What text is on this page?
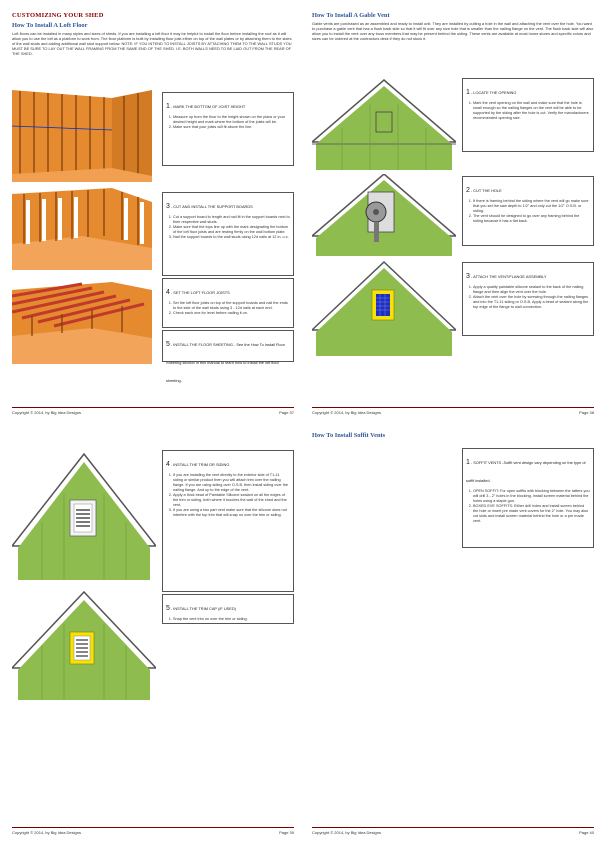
CUSTOMIZING YOUR SHED
How To Install A Loft Floor
Loft floors can be installed in many styles and sizes of sheds. If you are installing a loft floor it may be helpful to install the floor before installing the roof as it will allow you to use the loft as a platform to work from. The floor platform is built by installing floor joist either on top of the wall plates or by attaching them to the sides of the wall studs and adding additional wall stud support below. NOTE: IF YOU INTEND TO INSTALL JOISTS BY ATTACHING THEM TO THE WALL STUDS YOU MUST BE SURE TO LAY OUT THE WALL FRAMING FROM THE SAME END OF THE SHED. I.E. BOTH WALLS NEED TO BE LAID OUT FROM THE REAR OF THE SHED.
1- MARK THE BOTTOM OF JOIST HEIGHT
1. Measure up from the floor to the height shown on the plans or your desired height and mark where the bottom of the joists will be.
2. Make sure that your joists will fit above the line.
3- CUT AND INSTALL THE SUPPORT BOARDS
1. Cut a support board to length and nail fit in the support boards next to their respective wall studs.
2. Make sure that the tops line up with the mark designating the bottom of the loft floor joists and are resting firmly on the wall bottom plate.
3. Nail the support boards to the wall studs using 12d nails at 12 in. o.c.
4- SET THE LOFT FLOOR JOISTS
1. Set the loft floor joists on top of the support boards and nail the ends to the side of the wall studs using 3 - 12d nails at each end.
2. Check each one for level before nailing it on.
5- INSTALL THE FLOOR SHEETING - See the How To Install Floor Sheeting section in this manual to learn how to install the loft floor sheeting.
Copyright © 2014, by Big Idea Designs	Page 37
How To Install A Gable Vent
Gable vents are purchased as an assembled and ready to install unit. They are installed by cutting a hole in the wall and attaching the vent over the hole. You want to purchase a gable vent that has a flush back side so that it will fit over any size hole that is smaller than the nailing flange on the vent. The flush back side will also allow you to install the vent over any truss members that may be present behind the siding. These vents are available at most home stores and specific colors and sizes can be ordered at the contractors desk if they do not stock it.
1- LOCATE THE OPENING
1. Mark the vent opening on the wall and make sure that the hole is small enough so the nailing flanges on the vent will be able to be supported by the siding after the hole is cut. Verify the manufacturers recommended opening size.
2- CUT THE HOLE
1. If there is framing behind the siding where the vent will go make sure that you set the saw depth to 1/2" and only cut the 1/2" O.S.B. or siding.
2. The vent should be designed to go over any framing behind the siding because it has a flat back.
3- ATTACH THE VENT/FLANGE ASSEMBLY
1. Apply a quality paintable silicone sealant to the back of the nailing flange and then align the vent over the hole.
2. Attach the vent over the hole by screwing through the nailing flanges and into the T1-11 siding or O.S.B. Apply a bead of sealant along the top edge of the flange to wall connection.
Copyright © 2014, by Big Idea Designs	Page 38
4- INSTALL THE TRIM OR SIDING
1. If you are installing the vent directly to the exterior side of T1-11 siding or similar product then you will attach trim over the nailing flange. If you are using siding over O.S.B. then install siding over the nailing flange. And up to the edge of the vent.
2. Apply a thick bead of Paintable Silicone sealant on all the edges of the trim or siding, both where it touches the wall of the shed and the vent.
3. If you are using a two part vent make sure that the silicone does not interfere with the top trim that will snap on over the trim or siding.
5- INSTALL THE TRIM CAP (IF USED)
1. Snap the vent trim on over the trim or siding.
Copyright © 2014, by Big Idea Designs	Page 39
How To Install Soffit Vents
1- SOFFIT VENTS -Soffit vent design vary depending on the type of soffit installed.
1. OPEN SOFFIT: For open soffits with blocking between the rafters you will drill 3 - 2" holes in the blocking. Install screen material behind the holes using a staple gun.
2. BOXED EVE SOFFITS: Either drill holes and install screen behind the hole or insert pre made vent covers for the 2" hole. You may also cut slots and install screen material behind the hole or a pre made vent.
Copyright © 2014, by Big Idea Designs	Page 40
